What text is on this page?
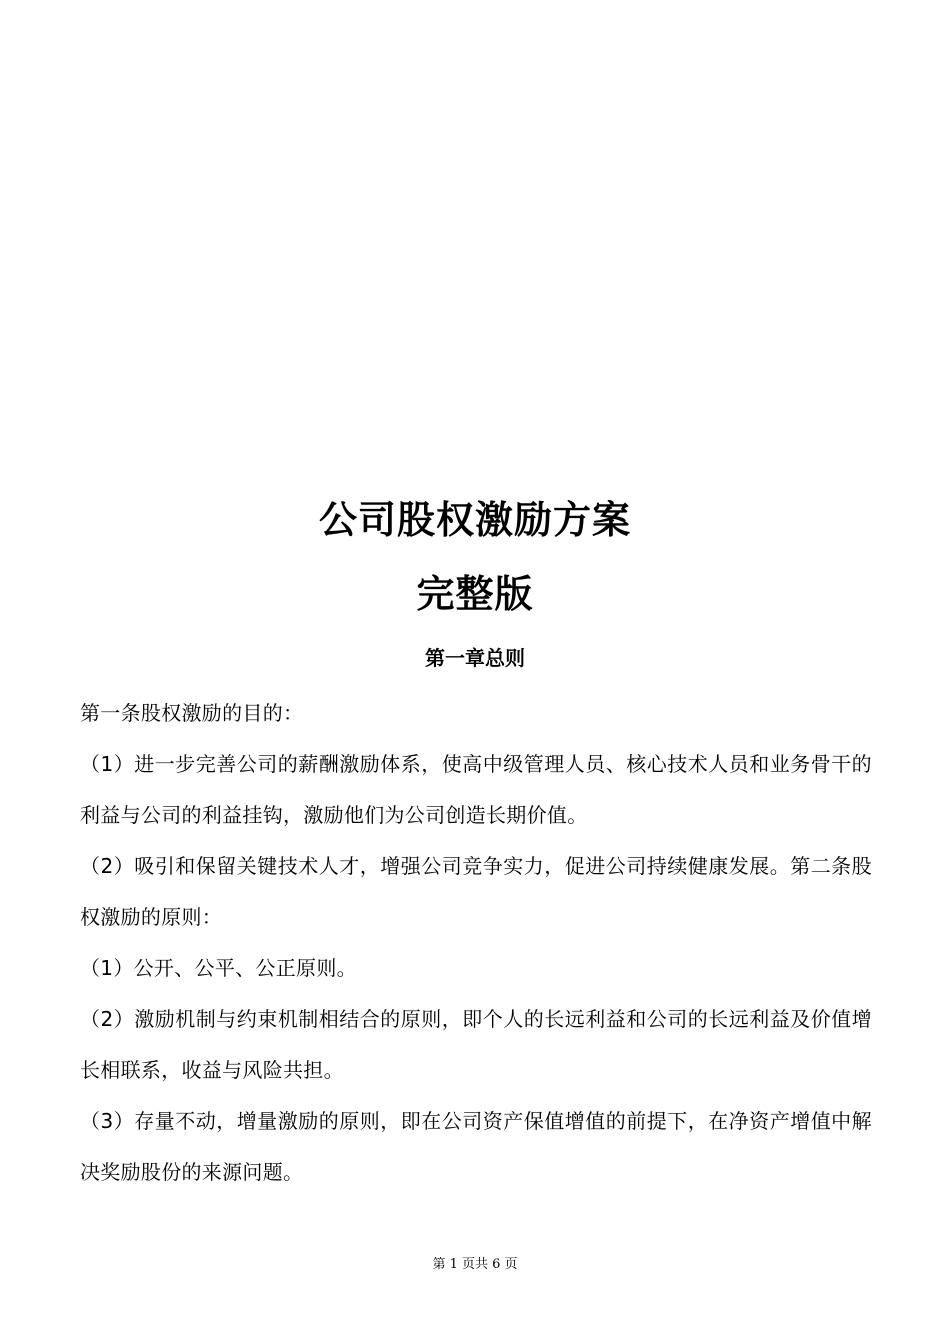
公司股权激励方案
完整版
第一章总则

第一条股权激励的目的：

（1）进一步完善公司的薪酬激励体系，使高中级管理人员、核心技术人员和业务骨干的利益与公司的利益挂钩，激励他们为公司创造长期价值。

（2）吸引和保留关键技术人才，增强公司竞争实力，促进公司持续健康发展。第二条股权激励的原则：

（1）公开、公平、公正原则。

（2）激励机制与约束机制相结合的原则，即个人的长远利益和公司的长远利益及价值增长相联系，收益与风险共担。

（3）存量不动，增量激励的原则，即在公司资产保值增值的前提下，在净资产增值中解决奖励股份的来源问题。

第 1 页共 6 页
